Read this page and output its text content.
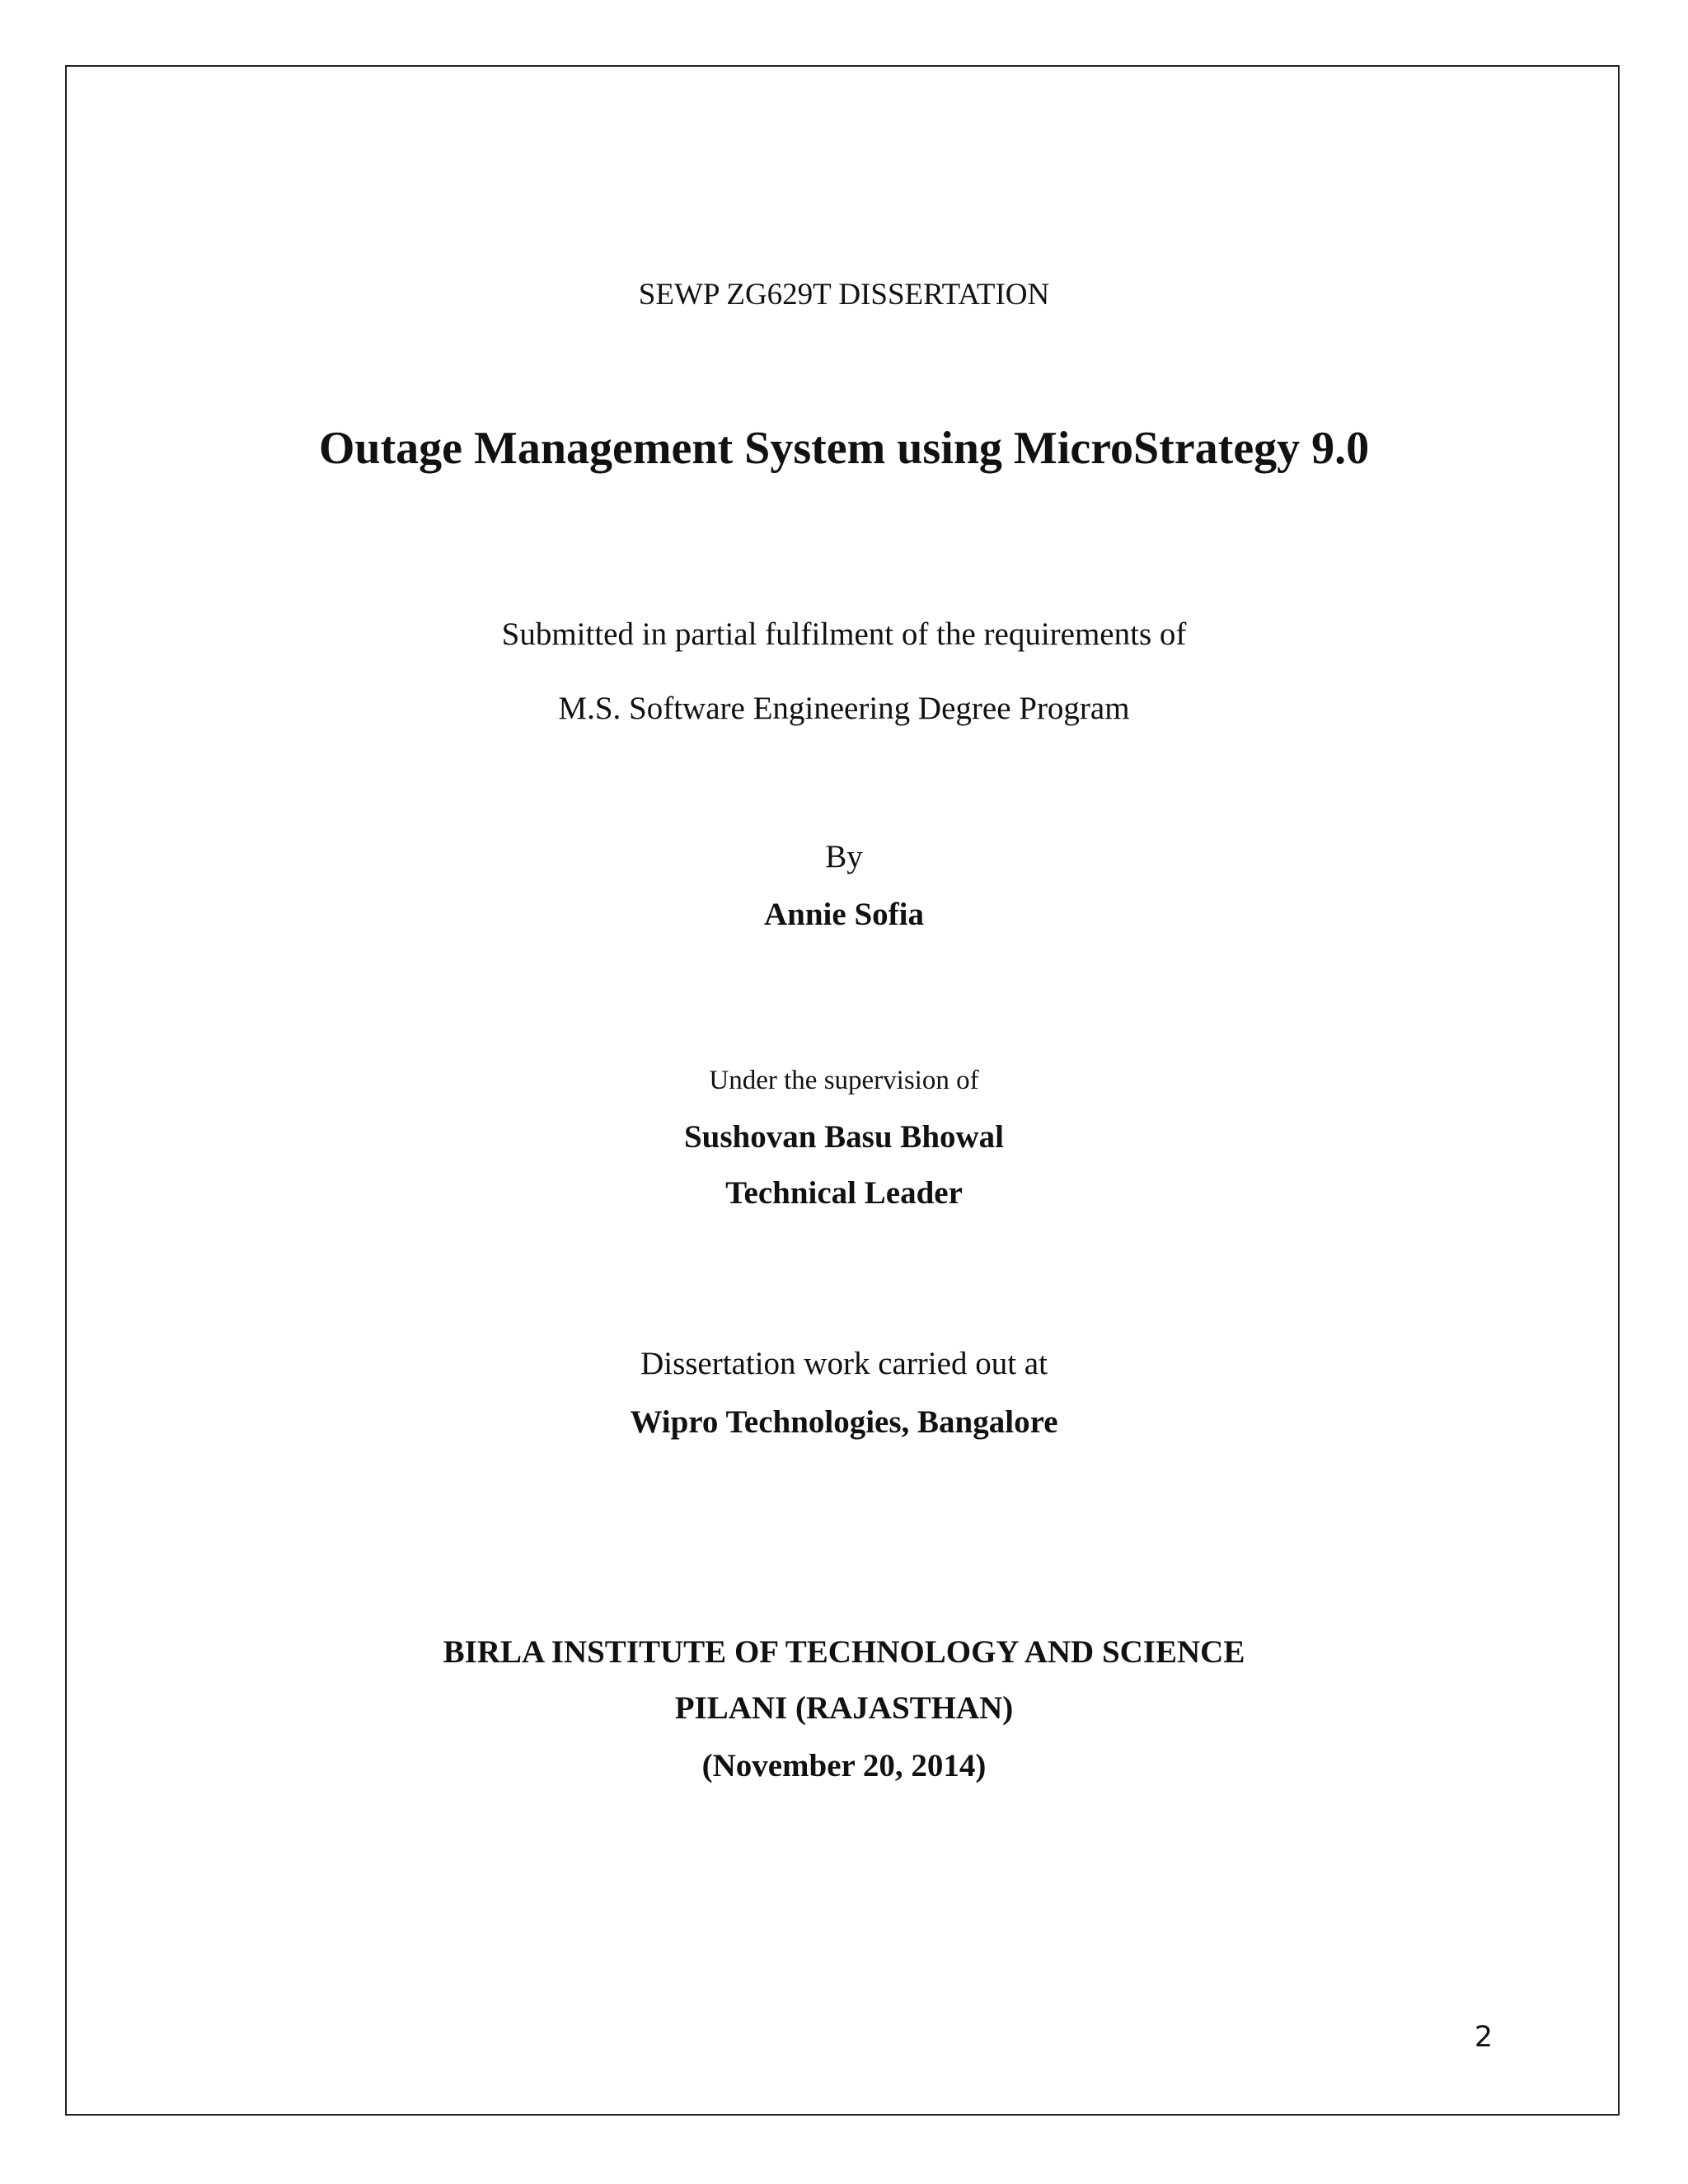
SEWP ZG629T DISSERTATION
Outage Management System using MicroStrategy 9.0
Submitted in partial fulfilment of the requirements of
M.S. Software Engineering Degree Program
By
Annie Sofia
Under the supervision of
Sushovan Basu Bhowal
Technical Leader
Dissertation work carried out at
Wipro Technologies, Bangalore
BIRLA INSTITUTE OF TECHNOLOGY AND SCIENCE
PILANI (RAJASTHAN)
(November 20, 2014)
2
